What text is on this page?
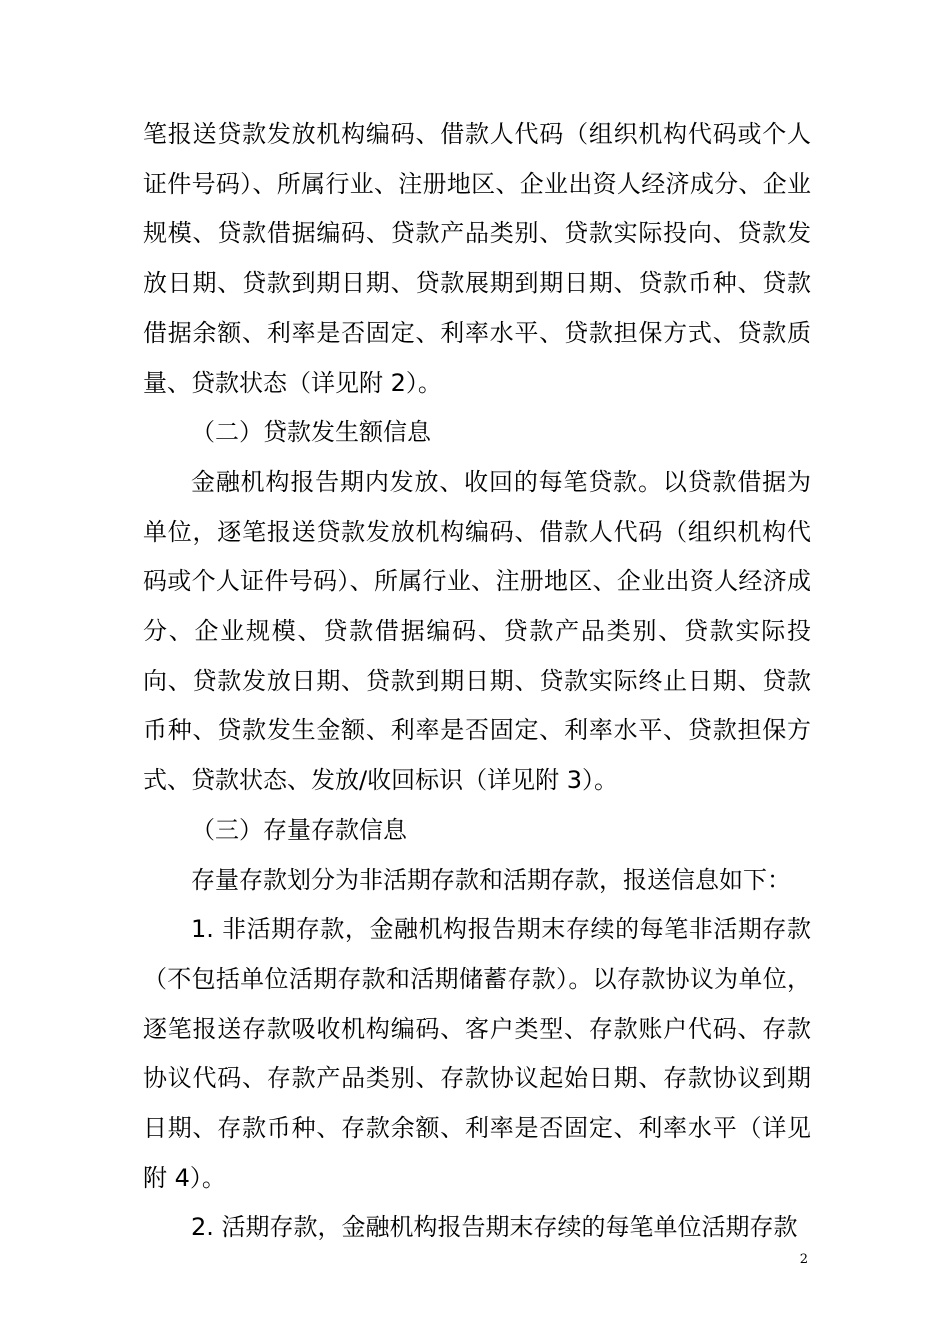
笔报送贷款发放机构编码、借款人代码（组织机构代码或个人证件号码）、所属行业、注册地区、企业出资人经济成分、企业规模、贷款借据编码、贷款产品类别、贷款实际投向、贷款发放日期、贷款到期日期、贷款展期到期日期、贷款币种、贷款借据余额、利率是否固定、利率水平、贷款担保方式、贷款质量、贷款状态（详见附 2）。

（二）贷款发生额信息

金融机构报告期内发放、收回的每笔贷款。以贷款借据为单位，逐笔报送贷款发放机构编码、借款人代码（组织机构代码或个人证件号码）、所属行业、注册地区、企业出资人经济成分、企业规模、贷款借据编码、贷款产品类别、贷款实际投向、贷款发放日期、贷款到期日期、贷款实际终止日期、贷款币种、贷款发生金额、利率是否固定、利率水平、贷款担保方式、贷款状态、发放/收回标识（详见附 3）。

（三）存量存款信息

存量存款划分为非活期存款和活期存款，报送信息如下：

1. 非活期存款，金融机构报告期末存续的每笔非活期存款（不包括单位活期存款和活期储蓄存款）。以存款协议为单位，逐笔报送存款吸收机构编码、客户类型、存款账户代码、存款协议代码、存款产品类别、存款协议起始日期、存款协议到期日期、存款币种、存款余额、利率是否固定、利率水平（详见附 4）。

2. 活期存款，金融机构报告期末存续的每笔单位活期存款

2
